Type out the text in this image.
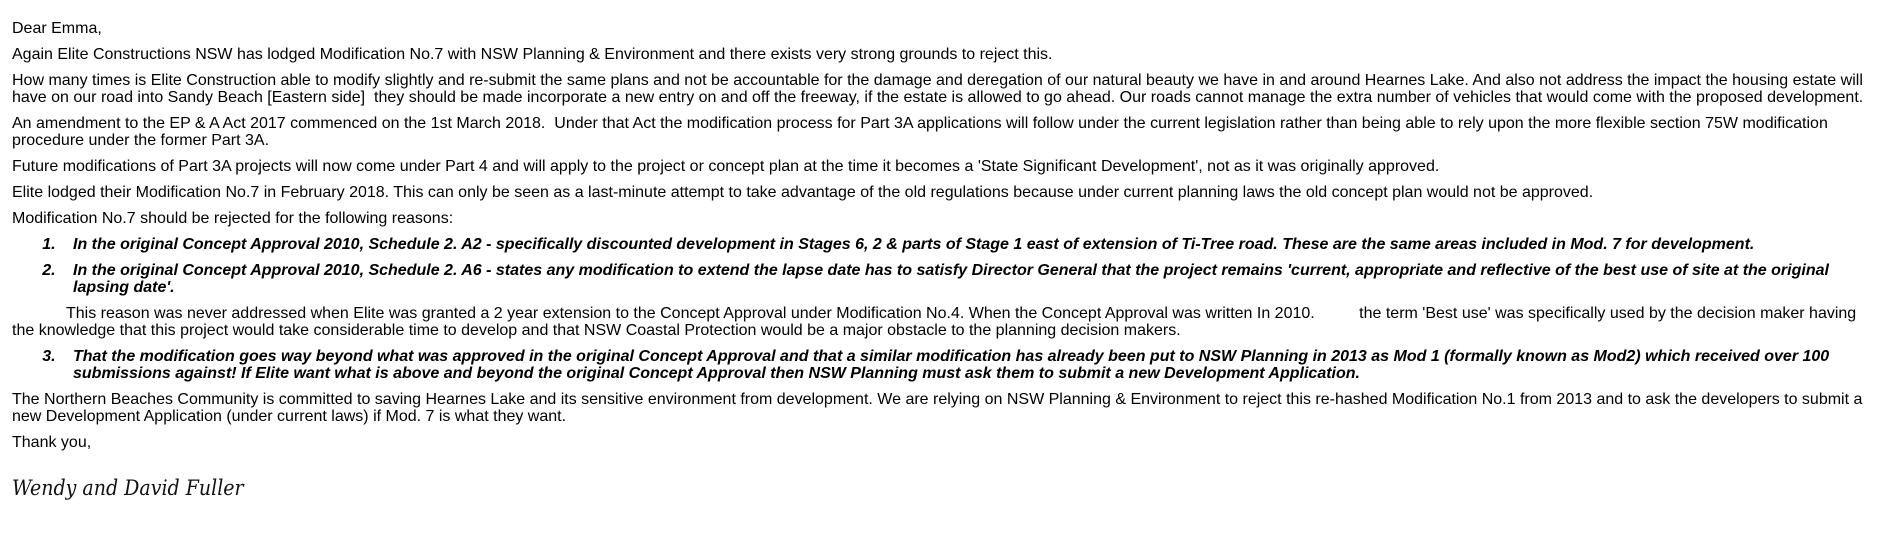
Dear Emma,

Again Elite Constructions NSW has lodged Modification No.7 with NSW Planning & Environment and there exists very strong grounds to reject this.

How many times is Elite Construction able to modify slightly and re-submit the same plans and not be accountable for the damage and deregation of our natural beauty we have in and around Hearnes Lake. And also not address the impact the housing estate will have on our road into Sandy Beach [Eastern side]  they should be made incorporate a new entry on and off the freeway, if the estate is allowed to go ahead. Our roads cannot manage the extra number of vehicles that would come with the proposed development.

An amendment to the EP & A Act 2017 commenced on the 1st March 2018.  Under that Act the modification process for Part 3A applications will follow under the current legislation rather than being able to rely upon the more flexible section 75W modification procedure under the former Part 3A.

Future modifications of Part 3A projects will now come under Part 4 and will apply to the project or concept plan at the time it becomes a 'State Significant Development', not as it was originally approved.

Elite lodged their Modification No.7 in February 2018. This can only be seen as a last-minute attempt to take advantage of the old regulations because under current planning laws the old concept plan would not be approved.

Modification No.7 should be rejected for the following reasons:

1. In the original Concept Approval 2010, Schedule 2. A2 - specifically discounted development in Stages 6, 2 & parts of Stage 1 east of extension of Ti-Tree road. These are the same areas included in Mod. 7 for development.
2. In the original Concept Approval 2010, Schedule 2. A6 - states any modification to extend the lapse date has to satisfy Director General that the project remains 'current, appropriate and reflective of the best use of site at the original lapsing date'.

This reason was never addressed when Elite was granted a 2 year extension to the Concept Approval under Modification No.4. When the Concept Approval was written In 2010.          the term 'Best use' was specifically used by the decision maker having the knowledge that this project would take considerable time to develop and that NSW Coastal Protection would be a major obstacle to the planning decision makers.

3. That the modification goes way beyond what was approved in the original Concept Approval and that a similar modification has already been put to NSW Planning in 2013 as Mod 1 (formally known as Mod2) which received over 100 submissions against! If Elite want what is above and beyond the original Concept Approval then NSW Planning must ask them to submit a new Development Application.

The Northern Beaches Community is committed to saving Hearnes Lake and its sensitive environment from development. We are relying on NSW Planning & Environment to reject this re-hashed Modification No.1 from 2013 and to ask the developers to submit a new Development Application (under current laws) if Mod. 7 is what they want.

Thank you,

Wendy and David Fuller
